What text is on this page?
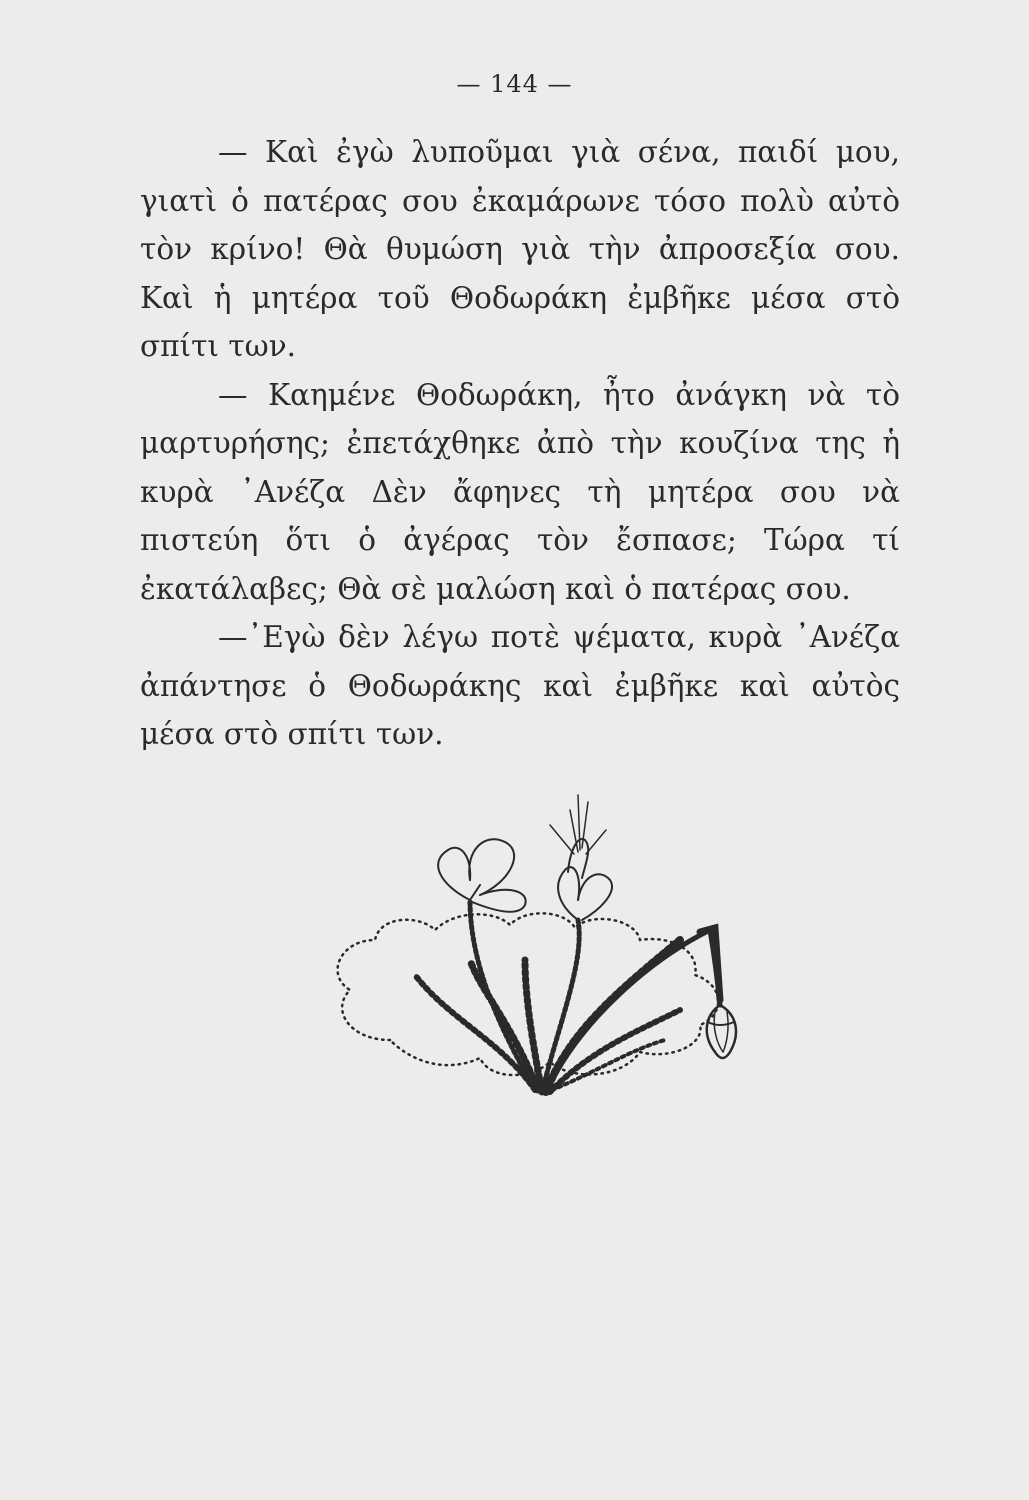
— 144 —

— Καὶ ἐγὼ λυποῦμαι γιὰ σένα, παιδί μου, γιατὶ ὁ πατέρας σου ἐκαμάρωνε τόσο πολὺ αὐτὸ τὸν κρίνο! Θὰ θυμώση γιὰ τὴν ἀπροσεξία σου. Καὶ ἡ μητέρα τοῦ Θοδωράκη ἐμβῆκε μέσα στὸ σπίτι των.

— Καημένε Θοδωράκη, ἦτο ἀνάγκη νὰ τὸ μαρτυρήσης; ἐπετάχθηκε ἀπὸ τὴν κουζίνα της ἡ κυρὰ ᾿Ανέζα Δὲν ἄφηνες τὴ μητέρα σου νὰ πιστεύη ὅτι ὁ ἀγέρας τὸν ἔσπασε; Τώρα τί ἐκατάλαβες; Θὰ σὲ μαλώση καὶ ὁ πατέρας σου.

—᾿Εγὼ δὲν λέγω ποτὲ ψέματα, κυρὰ ᾿Ανέζα ἀπάντησε ὁ Θοδωράκης καὶ ἐμβῆκε καὶ αὐτὸς μέσα στὸ σπίτι των.
